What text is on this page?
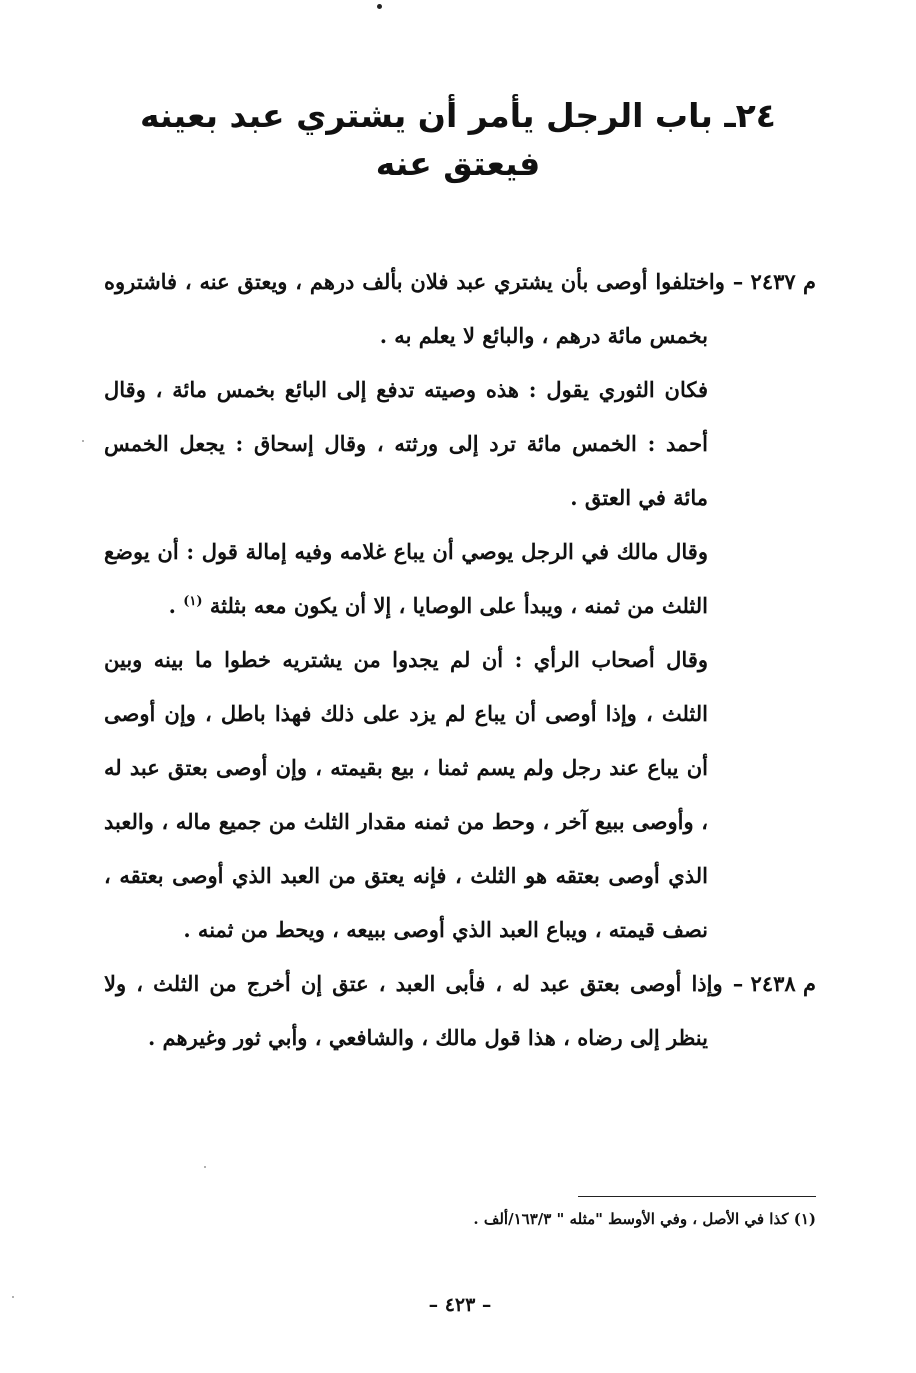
٢٤ـ باب الرجل يأمر أن يشتري عبد بعينه فيعتق عنه

م ٢٤٣٧ – واختلفوا أوصى بأن يشتري عبد فلان بألف درهم ، ويعتق عنه ، فاشتروه بخمس مائة درهم ، والبائع لا يعلم به .

فكان الثوري يقول : هذه وصيته تدفع إلى البائع بخمس مائة ، وقال أحمد : الخمس مائة ترد إلى ورثته ، وقال إسحاق : يجعل الخمس مائة في العتق .

وقال مالك في الرجل يوصي أن يباع غلامه وفيه إمالة قول : أن يوضع الثلث من ثمنه ، ويبدأ على الوصايا ، إلا أن يكون معه بثلثة $^{(١)}$ .

وقال أصحاب الرأي : أن لم يجدوا من يشتريه خطوا ما بينه وبين الثلث ، وإذا أوصى أن يباع لم يزد على ذلك فهذا باطل ، وإن أوصى أن يباع عند رجل ولم يسم ثمنا ، بيع بقيمته ، وإن أوصى بعتق عبد له ، وأوصى ببيع آخر ، وحط من ثمنه مقدار الثلث من جميع ماله ، والعبد الذي أوصى بعتقه هو الثلث ، فإنه يعتق من العبد الذي أوصى بعتقه ، نصف قيمته ، ويباع العبد الذي أوصى ببيعه ، ويحط من ثمنه .

م ٢٤٣٨ – وإذا أوصى بعتق عبد له ، فأبى العبد ، عتق إن أخرج من الثلث ، ولا ينظر إلى رضاه ، هذا قول مالك ، والشافعي ، وأبي ثور وغيرهم .

(١) كذا في الأصل ، وفي الأوسط "مثله " ١٦٣/٣/ألف .
– ٤٢٣ –
